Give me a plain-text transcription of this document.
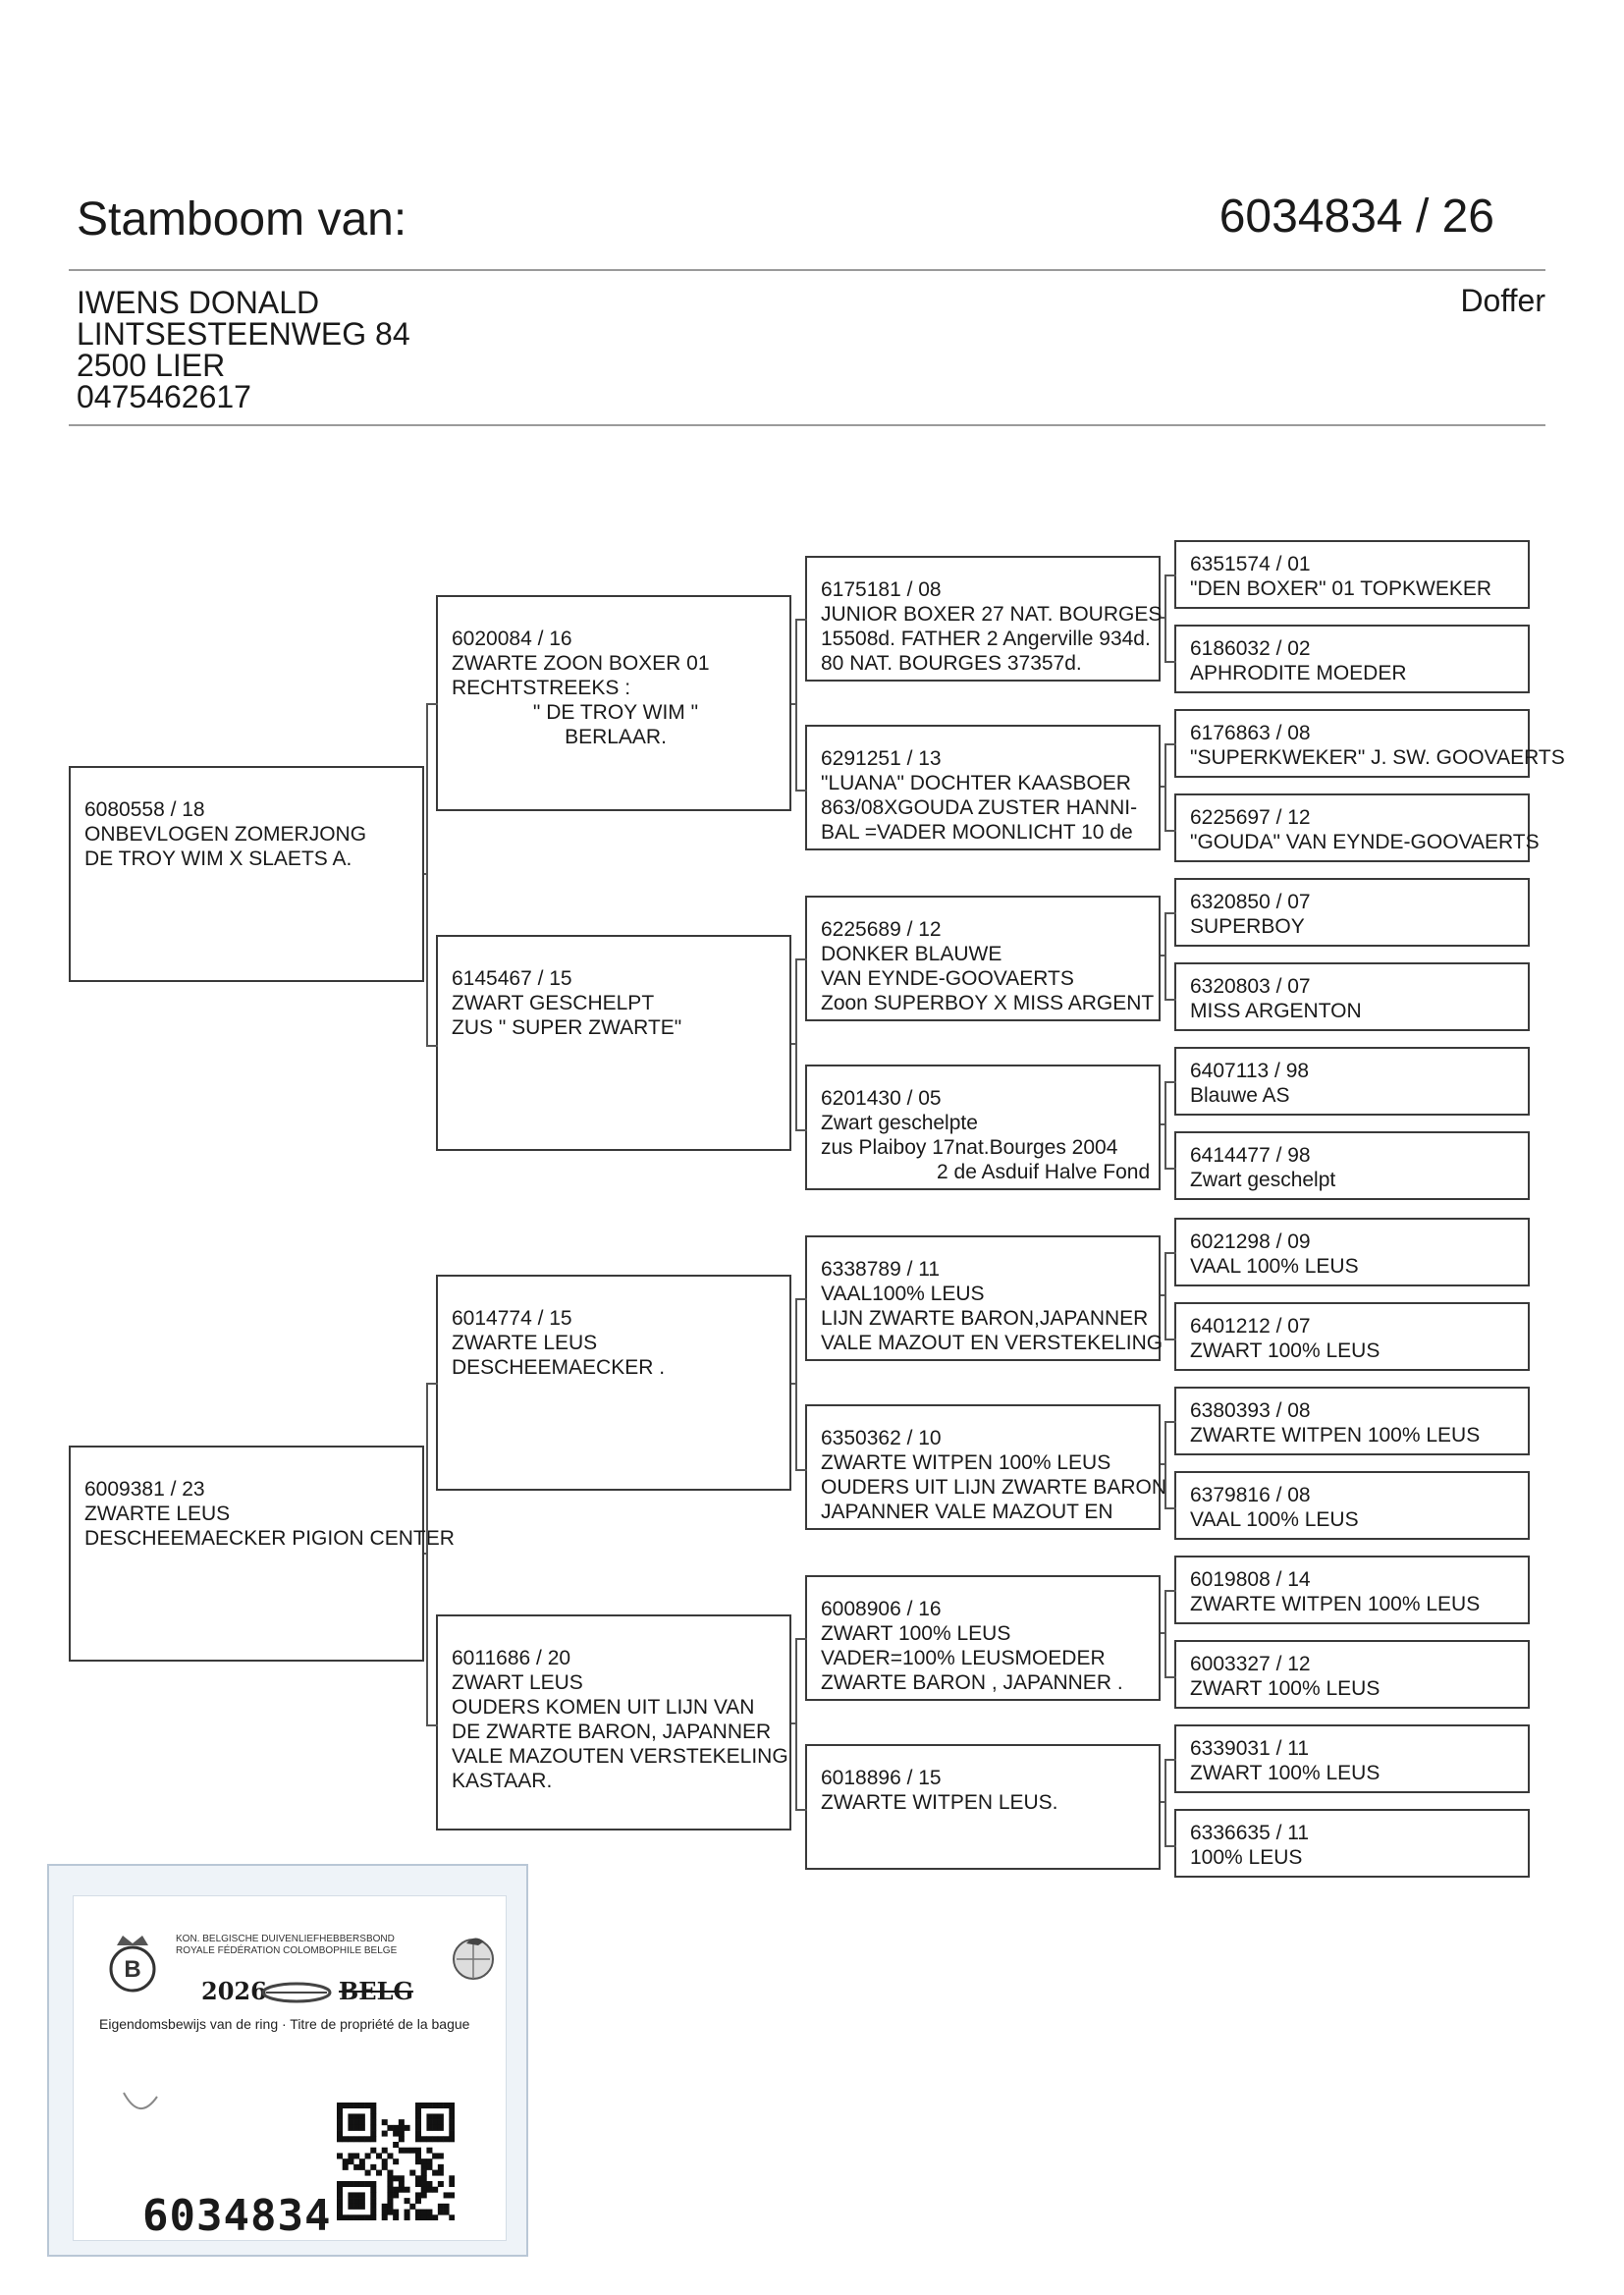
Stamboom van:	6034834 / 26
IWENS DONALD
LINTSESTEENWEG 84
2500 LIER
0475462617
Doffer
6080558 / 18
ONBEVLOGEN ZOMERJONG
DE TROY WIM X SLAETS A.
6009381 / 23
ZWARTE LEUS
DESCHEEMAECKER PIGION CENTER
6020084 / 16
ZWARTE ZOON BOXER 01
RECHTSTREEKS :
" DE TROY WIM "
BERLAAR.
6145467 / 15
ZWART GESCHELPT
ZUS " SUPER ZWARTE"
6014774 / 15
ZWARTE LEUS
DESCHEEMAECKER .
6011686 / 20
ZWART LEUS
OUDERS KOMEN UIT LIJN VAN
DE ZWARTE BARON, JAPANNER
VALE MAZOUTEN VERSTEKELING
KASTAAR.
6175181 / 08
JUNIOR BOXER 27 NAT. BOURGES
15508d. FATHER 2 Angerville 934d.
80 NAT. BOURGES 37357d.
6291251 / 13
"LUANA" DOCHTER KAASBOER
863/08XGOUDA ZUSTER HANNI-
BAL =VADER MOONLICHT 10 de
6225689 / 12
DONKER BLAUWE
VAN EYNDE-GOOVAERTS
Zoon SUPERBOY X MISS ARGENT
6201430 / 05
Zwart geschelpte
zus Plaiboy 17nat.Bourges 2004
2 de Asduif Halve Fond
6338789 / 11
VAAL100% LEUS
LIJN ZWARTE BARON,JAPANNER
VALE MAZOUT EN VERSTEKELING
6350362 / 10
ZWARTE WITPEN 100% LEUS
OUDERS UIT LIJN ZWARTE BARON
JAPANNER VALE MAZOUT EN
6008906 / 16
ZWART 100% LEUS
VADER=100% LEUSMOEDER
ZWARTE BARON , JAPANNER .
6018896 / 15
ZWARTE WITPEN LEUS.
6351574 / 01
"DEN BOXER" 01 TOPKWEKER
6186032 / 02
APHRODITE MOEDER
6176863 / 08
"SUPERKWEKER" J. SW. GOOVAERTS
6225697 / 12
"GOUDA" VAN EYNDE-GOOVAERTS
6320850 / 07
SUPERBOY
6320803 / 07
MISS ARGENTON
6407113 / 98
Blauwe AS
6414477 / 98
Zwart geschelpt
6021298 / 09
VAAL 100% LEUS
6401212 / 07
ZWART 100% LEUS
6380393 / 08
ZWARTE WITPEN 100% LEUS
6379816 / 08
VAAL 100% LEUS
6019808 / 14
ZWARTE WITPEN 100% LEUS
6003327 / 12
ZWART 100% LEUS
6339031 / 11
ZWART 100% LEUS
6336635 / 11
100% LEUS
B
KON. BELGISCHE DUIVENLIEFHEBBERSBOND
ROYALE FÉDÉRATION COLOMBOPHILE BELGE
2026	BELG
Eigendomsbewijs van de ring · Titre de propriété de la bague
6034834
